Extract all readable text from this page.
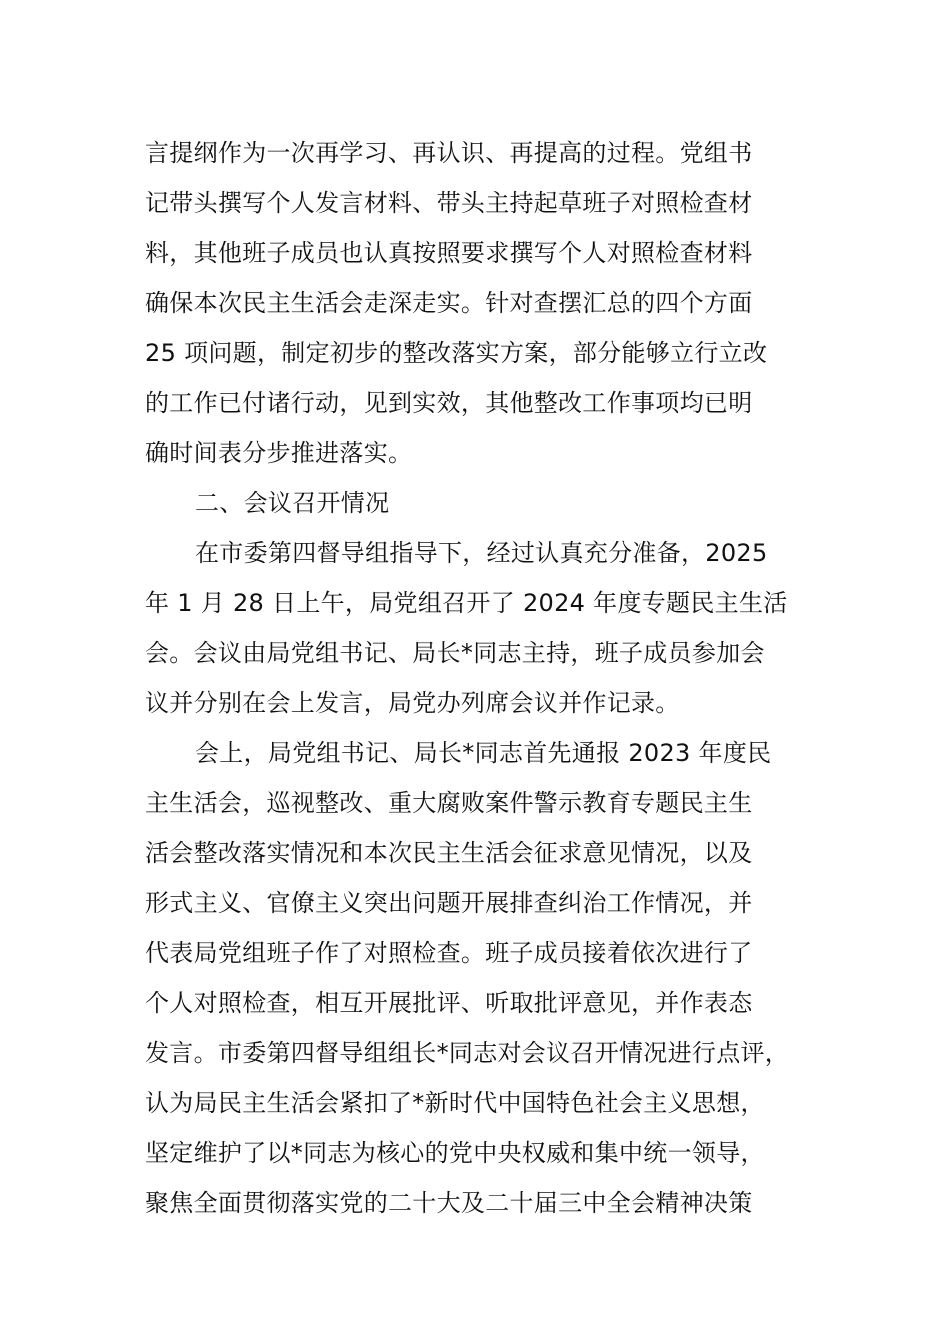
言提纲作为一次再学习、再认识、再提高的过程。党组书
记带头撰写个人发言材料、带头主持起草班子对照检查材
料，其他班子成员也认真按照要求撰写个人对照检查材料
确保本次民主生活会走深走实。针对查摆汇总的四个方面
25 项问题，制定初步的整改落实方案，部分能够立行立改
的工作已付诸行动，见到实效，其他整改工作事项均已明
确时间表分步推进落实。
二、会议召开情况
在市委第四督导组指导下，经过认真充分准备，2025
年 1 月 28 日上午，局党组召开了 2024 年度专题民主生活
会。会议由局党组书记、局长*同志主持，班子成员参加会
议并分别在会上发言，局党办列席会议并作记录。
会上，局党组书记、局长*同志首先通报 2023 年度民
主生活会，巡视整改、重大腐败案件警示教育专题民主生
活会整改落实情况和本次民主生活会征求意见情况，以及
形式主义、官僚主义突出问题开展排查纠治工作情况，并
代表局党组班子作了对照检查。班子成员接着依次进行了
个人对照检查，相互开展批评、听取批评意见，并作表态
发言。市委第四督导组组长*同志对会议召开情况进行点评，
认为局民主生活会紧扣了*新时代中国特色社会主义思想，
坚定维护了以*同志为核心的党中央权威和集中统一领导，
聚焦全面贯彻落实党的二十大及二十届三中全会精神决策
